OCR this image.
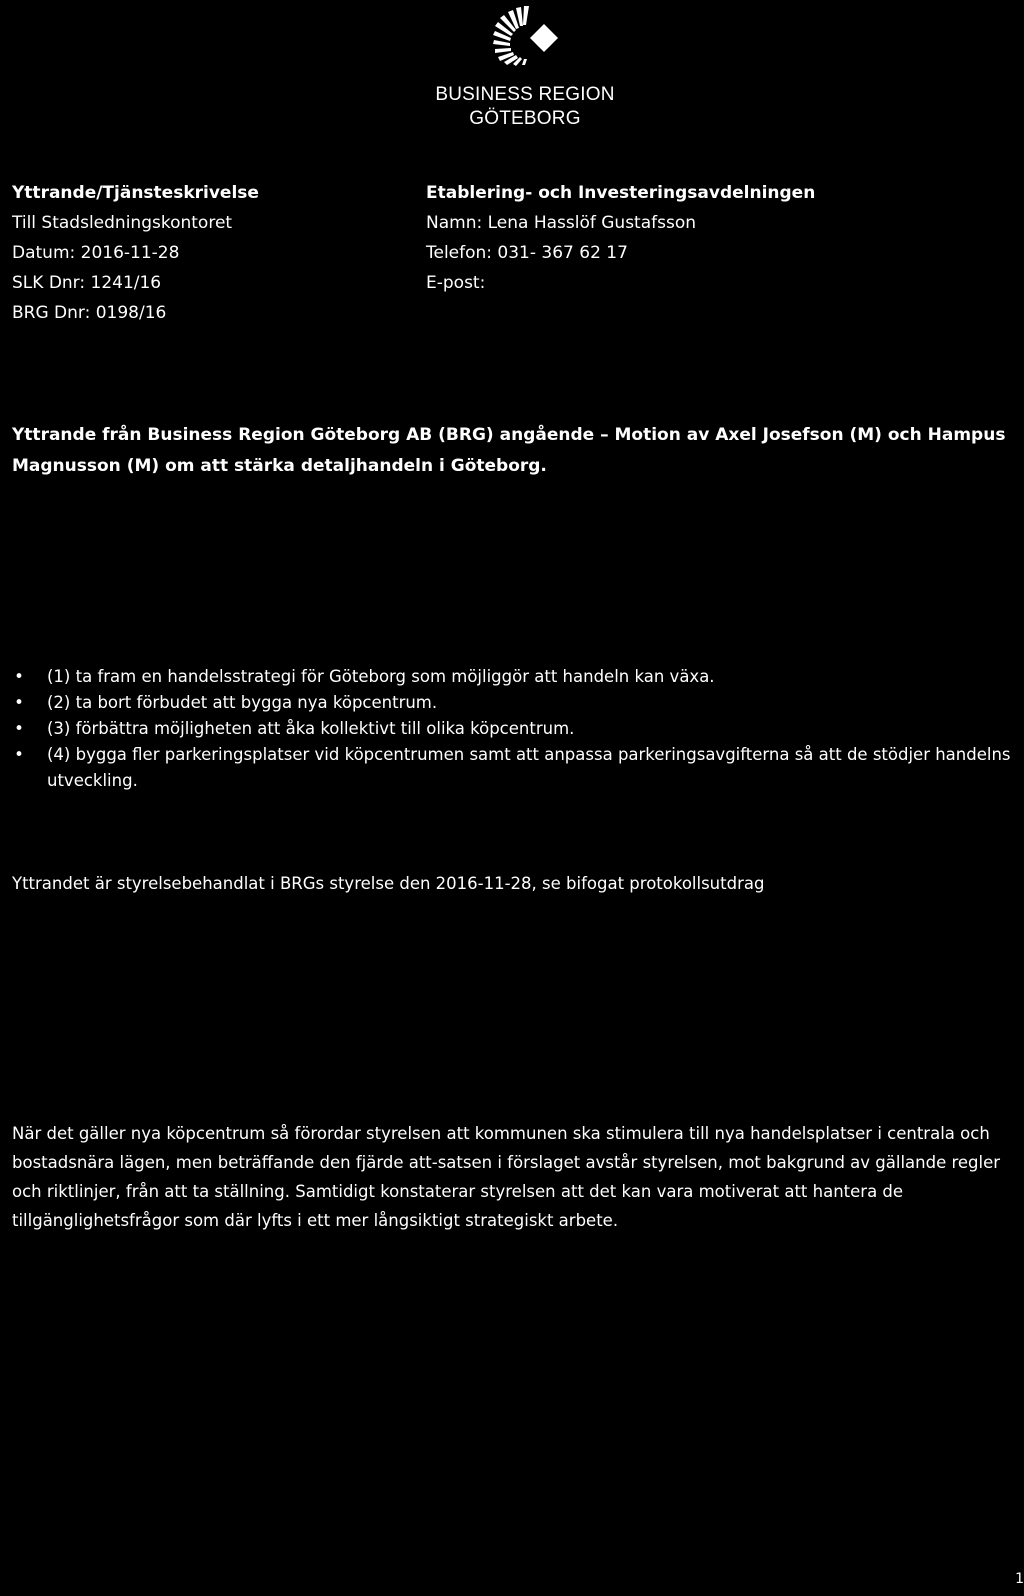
BUSINESS REGION
GÖTEBORG
Yttrande/Tjänsteskrivelse
Till Stadsledningskontoret
Datum: 2016-11-28
SLK Dnr: 1241/16
BRG Dnr: 0198/16
Etablering- och Investeringsavdelningen
Namn: Lena Hasslöf Gustafsson
Telefon: 031- 367 62 17
E-post:
Yttrande från Business Region Göteborg AB (BRG) angående – Motion av Axel Josefson (M) och Hampus Magnusson (M) om att stärka detaljhandeln i Göteborg.
• (1) ta fram en handelsstrategi för Göteborg som möjliggör att handeln kan växa.
• (2) ta bort förbudet att bygga nya köpcentrum.
• (3) förbättra möjligheten att åka kollektivt till olika köpcentrum.
• (4) bygga fler parkeringsplatser vid köpcentrumen samt att anpassa parkeringsavgifterna så att de stödjer handelns utveckling.
Yttrandet är styrelsebehandlat i BRGs styrelse den 2016-11-28, se bifogat protokollsutdrag
När det gäller nya köpcentrum så förordar styrelsen att kommunen ska stimulera till nya handelsplatser i centrala och bostadsnära lägen, men beträffande den fjärde att-satsen i förslaget avstår styrelsen, mot bakgrund av gällande regler och riktlinjer, från att ta ställning. Samtidigt konstaterar styrelsen att det kan vara motiverat att hantera de tillgänglighetsfrågor som där lyfts i ett mer långsiktigt strategiskt arbete.
1
